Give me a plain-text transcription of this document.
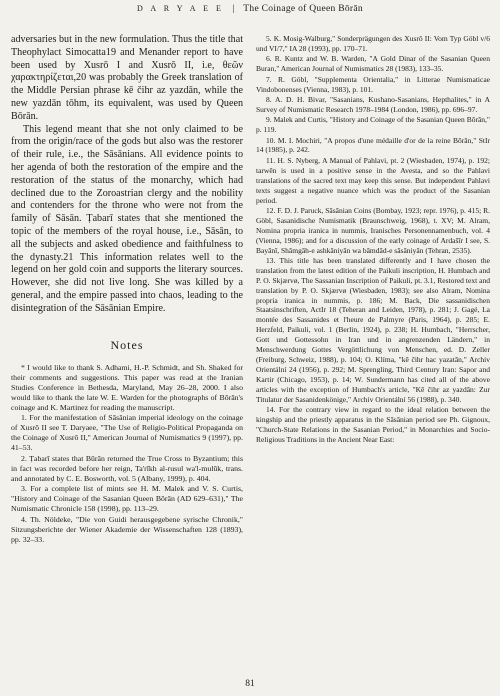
D A R Y A E E | The Coinage of Queen Bōrān

adversaries but in the new formulation. Thus the title that Theophylact Simocatta19 and Menander report to have been used by Xusrō I and Xusrō II, i.e, θεῶν χαρακτηρίζεται,20 was probably the Greek translation of the Middle Persian phrase kē čihr az yazdān, while the new yazdān tōhm, its equivalent, was used by Queen Bōrān.

This legend meant that she not only claimed to be from the origin/race of the gods but also was the restorer of their rule, i.e., the Sāsānians. All evidence points to her agenda of both the restoration of the empire and the restoration of the status of the monarchy, which had declined due to the Zoroastrian clergy and the nobility and contenders for the throne who were not from the family of Sāsān. Ṭabarī states that she mentioned the topic of the members of the royal house, i.e., Sāsān, to all the subjects and asked obedience and faithfulness to the dynasty.21 This information relates well to the legend on her gold coin and supports the literary sources. However, she did not live long. She was killed by a general, and the empire passed into chaos, leading to the disintegration of the Sāsānian Empire.

Notes

* I would like to thank S. Adhami, H.-P. Schmidt, and Sh. Shaked for their comments and suggestions. This paper was read at the Iranian Studies Conference in Bethesda, Maryland, May 26–28, 2000. I also would like to thank the late W. E. Warden for the photographs of Bōrān's coinage and K. Martinez for reading the manuscript.

1. For the manifestation of Sāsānian imperial ideology on the coinage of Xusrō II see T. Daryaee, "The Use of Religio-Political Propaganda on the Coinage of Xusrō II," American Journal of Numismatics 9 (1997), pp. 41–53.

2. Ṭabarī states that Būrān returned the True Cross to Byzantium; this in fact was recorded before her reign, Ta'rīkh al-rusul wa'l-mulūk, trans. and annotated by C. E. Bosworth, vol. 5 (Albany, 1999), p. 404.

3. For a complete list of mints see H. M. Malek and V. S. Curtis, "History and Coinage of the Sasanian Queen Bōrān (AD 629–631)," The Numismatic Chronicle 158 (1998), pp. 113–29.

4. Th. Nöldeke, "Die von Guidi herausgegebene syrische Chronik," Sitzungsberichte der Wiener Akademie der Wissenschaften 128 (1893), pp. 32–33.

5. K. Mosig-Walburg," Sonderprägungen des Xusrō II: Vom Typ Göbl v/6 und VI/7," IA 28 (1993), pp. 170–71.

6. R. Kuntz and W. B. Warden, "A Gold Dinar of the Sasanian Queen Buran," American Journal of Numismatics 28 (1983), 133–35.

7. R. Göbl, "Supplementa Orientalia," in Litterae Numismaticae Vindobonenses (Vienna, 1983), p. 101.

8. A. D. H. Bivar, "Sasanians, Kushano-Sasanians, Hepthalites," in A Survey of Numismatic Research 1978–1984 (London, 1986), pp. 696–97.

9. Malek and Curtis, "History and Coinage of the Sasanian Queen Bōrān," p. 119.

10. M. I. Mochiri, "A propos d'une médaille d'or de la reine Bōrān," StIr 14 (1985), p. 242.

11. H. S. Nyberg, A Manual of Pahlavi, pt. 2 (Wiesbaden, 1974), p. 192; tarwēn is used in a positive sense in the Avesta, and so the Pahlavi translations of the sacred text may keep this sense. But independent Pahlavi texts suggest a negative nuance which was the product of the Sasanian period.

12. F. D. J. Paruck, Sāsānian Coins (Bombay, 1923; repr. 1976), p. 415; R. Göbl, Sasanidische Numismatik (Braunschweig, 1968), t. XV; M. Alram, Nomina propria iranica in nummis, Iranisches Personennamenbuch, vol. 4 (Vienna, 1986); and for a discussion of the early coinage of Ardašīr I see, S. Bayānī, Shāmgāh-e ashkāniyān wa bāmdād-e sāsāniyān (Tehran, 2535).

13. This title has been translated differently and I have chosen the translation from the latest edition of the Paikuli inscription, H. Humbach and P. O. Skjærvø, The Sassanian Inscription of Paikuli, pt. 3.1, Restored text and translation by P. O. Skjærvø (Wiesbaden, 1983); see also Alram, Nomina propria iranica in nummis, p. 186; M. Back, Die sassanidischen Staatsinschriften, ActIr 18 (Teheran and Leiden, 1978), p. 281; J. Gagé, La montée des Sassanides et l'heure de Palmyre (Paris, 1964), p. 285; E. Herzfeld, Paikuli, vol. 1 (Berlin, 1924), p. 238; H. Humbach, "Herrscher, Gott und Gottessohn in Iran und in angrenzenden Ländern," in Menschwerdung Gottes Vergöttlichung von Menschen, ed. D. Zeller (Freiburg, Schweiz, 1988), p. 104; O. Klíma, "kē čihr hac yazatān," Archiv Orientální 24 (1956), p. 292; M. Sprengling, Third Century Iran: Sapor and Kartir (Chicago, 1953), p. 14; W. Sundermann has cited all of the above articles with the exception of Humbach's article, "Kē čihr az yazdān: Zur Titulatur der Sasanidenkönige," Archiv Orientální 56 (1988), p. 340.

14. For the contrary view in regard to the ideal relation between the kingship and the priestly apparatus in the Sāsānian period see Ph. Gignoux, "Church-State Relations in the Sasanian Period," in Monarchies and Socio-Religious Traditions in the Ancient Near East:

81
